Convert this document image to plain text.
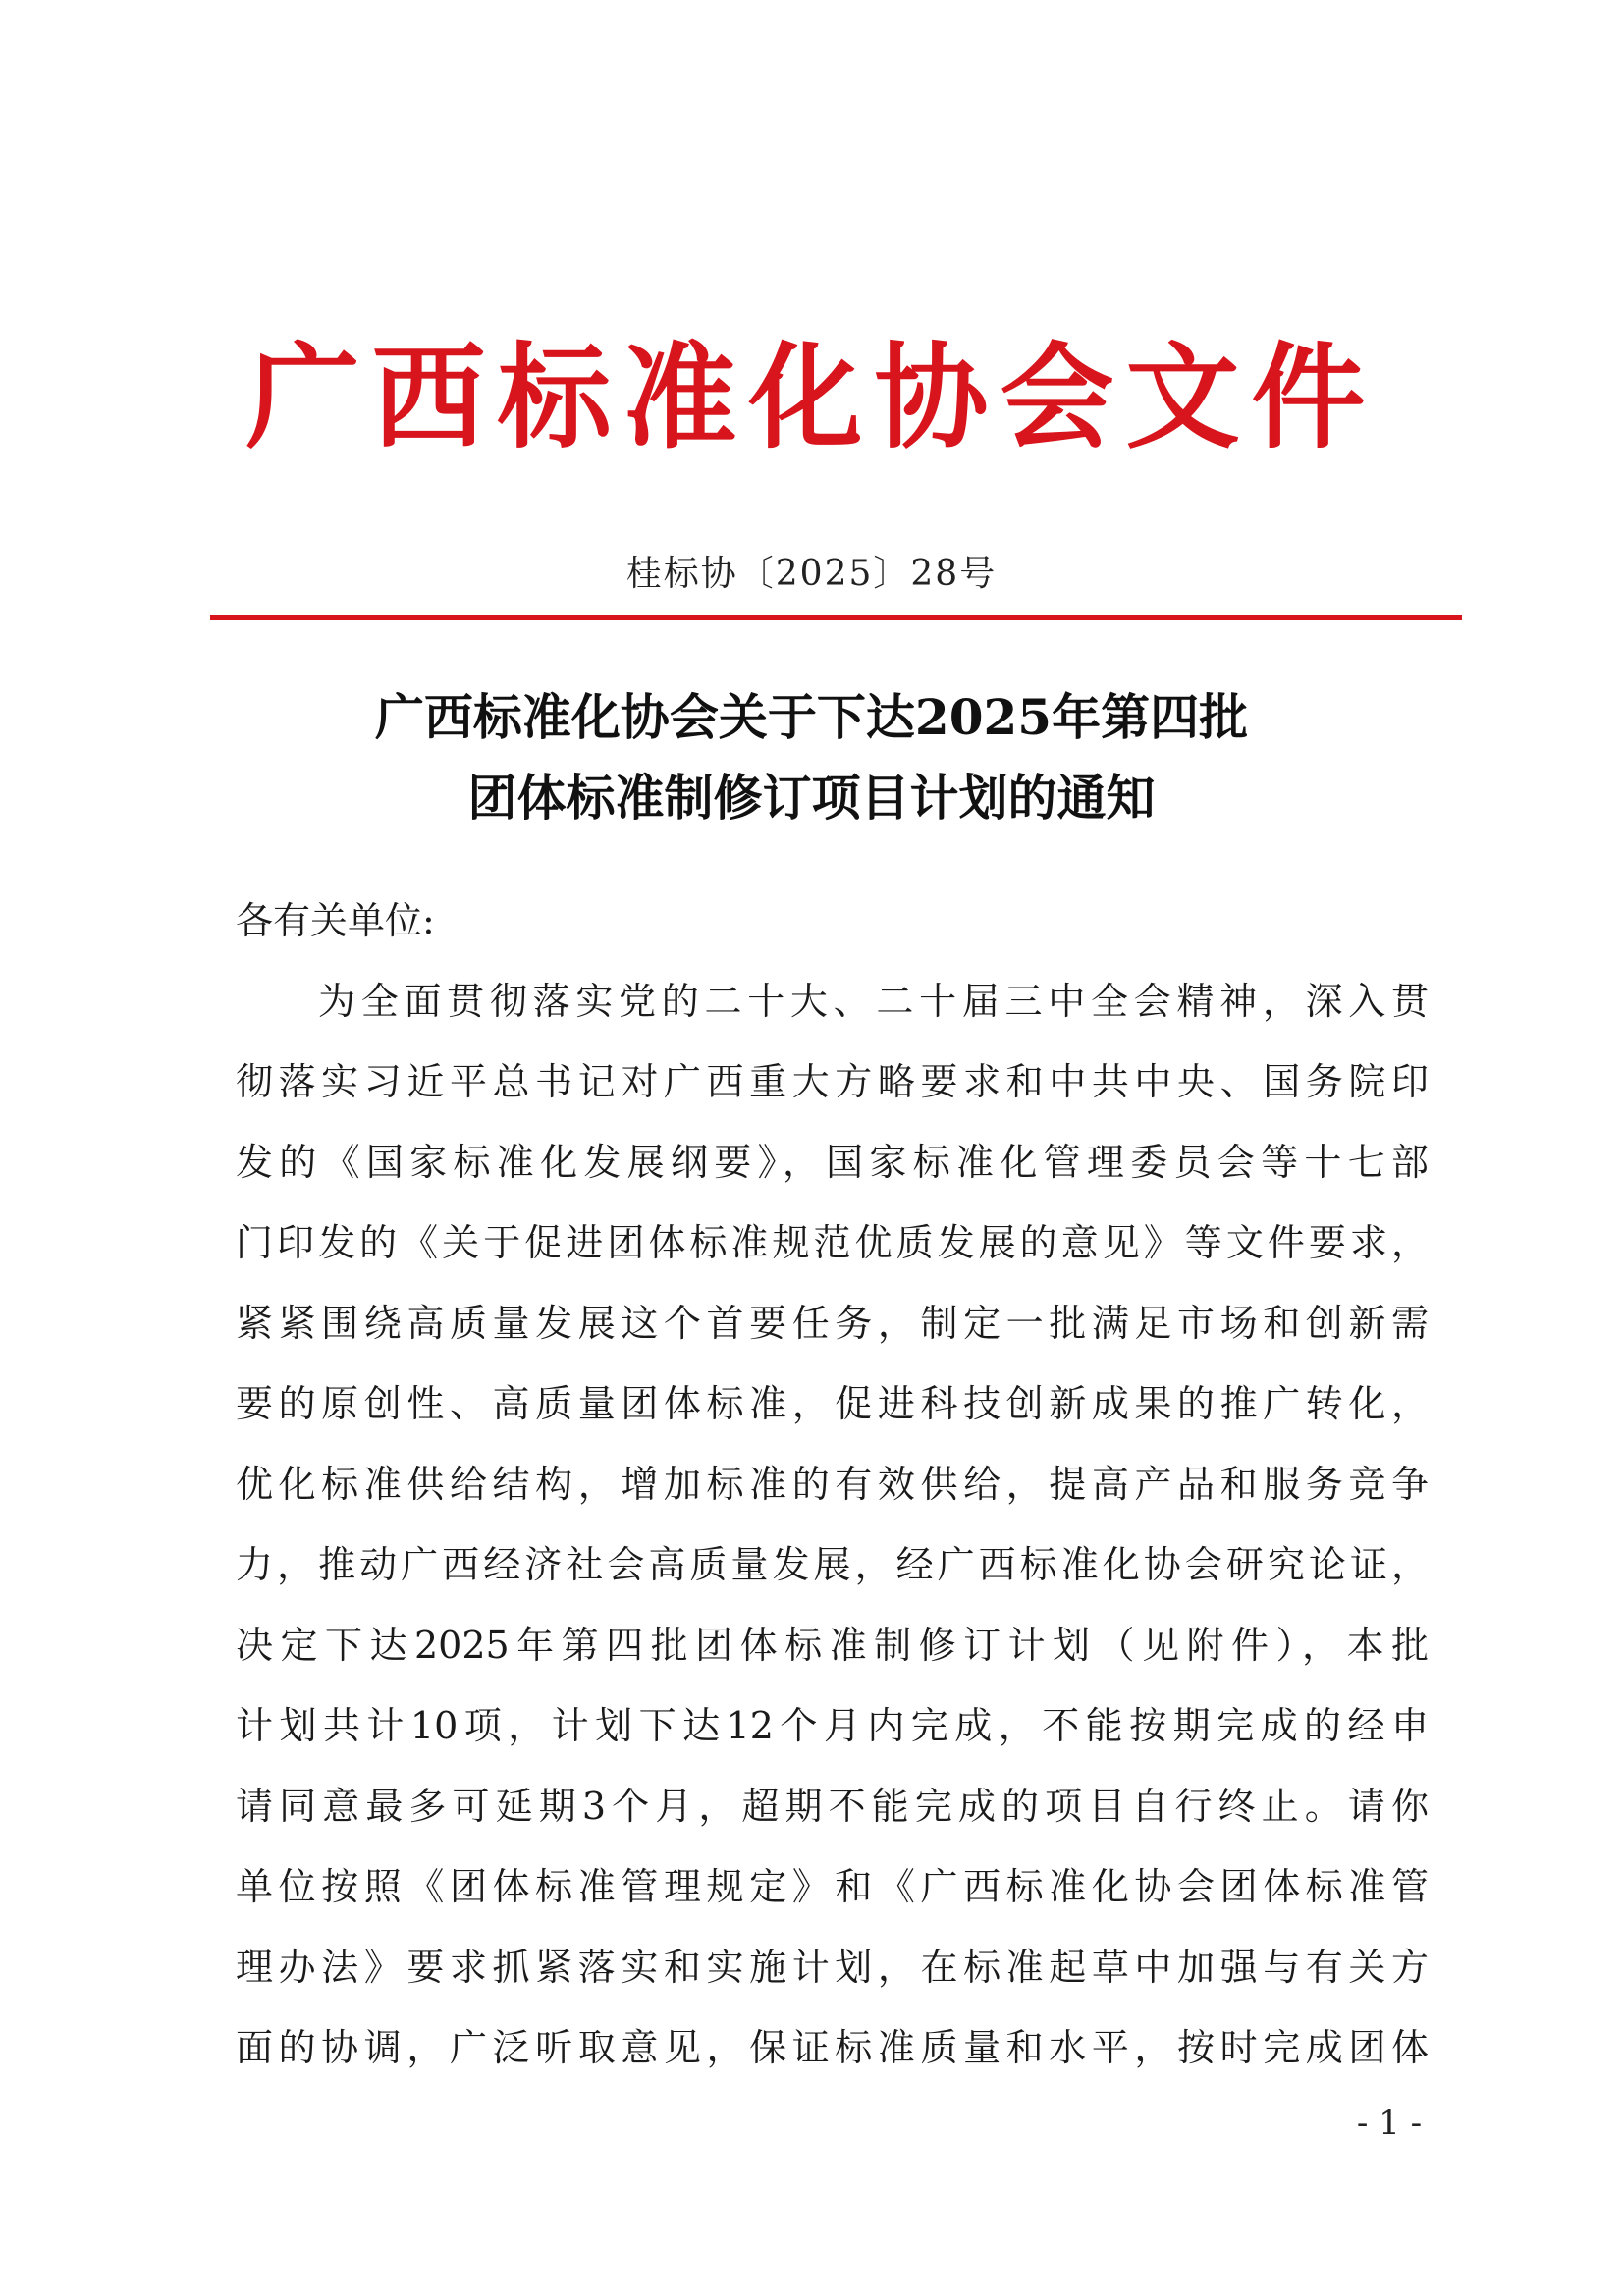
广西标准化协会文件
桂标协〔2025〕28号
广西标准化协会关于下达2025年第四批
团体标准制修订项目计划的通知
各有关单位:
为全面贯彻落实党的二十大、二十届三中全会精神，深入贯
彻落实习近平总书记对广西重大方略要求和中共中央、国务院印
发的《国家标准化发展纲要》，国家标准化管理委员会等十七部
门印发的《关于促进团体标准规范优质发展的意见》等文件要求，
紧紧围绕高质量发展这个首要任务，制定一批满足市场和创新需
要的原创性、高质量团体标准，促进科技创新成果的推广转化，
优化标准供给结构，增加标准的有效供给，提高产品和服务竞争
力，推动广西经济社会高质量发展，经广西标准化协会研究论证，
决定下达2025年第四批团体标准制修订计划（见附件），本批
计划共计10项，计划下达12个月内完成，不能按期完成的经申
请同意最多可延期3个月，超期不能完成的项目自行终止。请你
单位按照《团体标准管理规定》和《广西标准化协会团体标准管
理办法》要求抓紧落实和实施计划，在标准起草中加强与有关方
面的协调，广泛听取意见，保证标准质量和水平，按时完成团体
- 1 -
